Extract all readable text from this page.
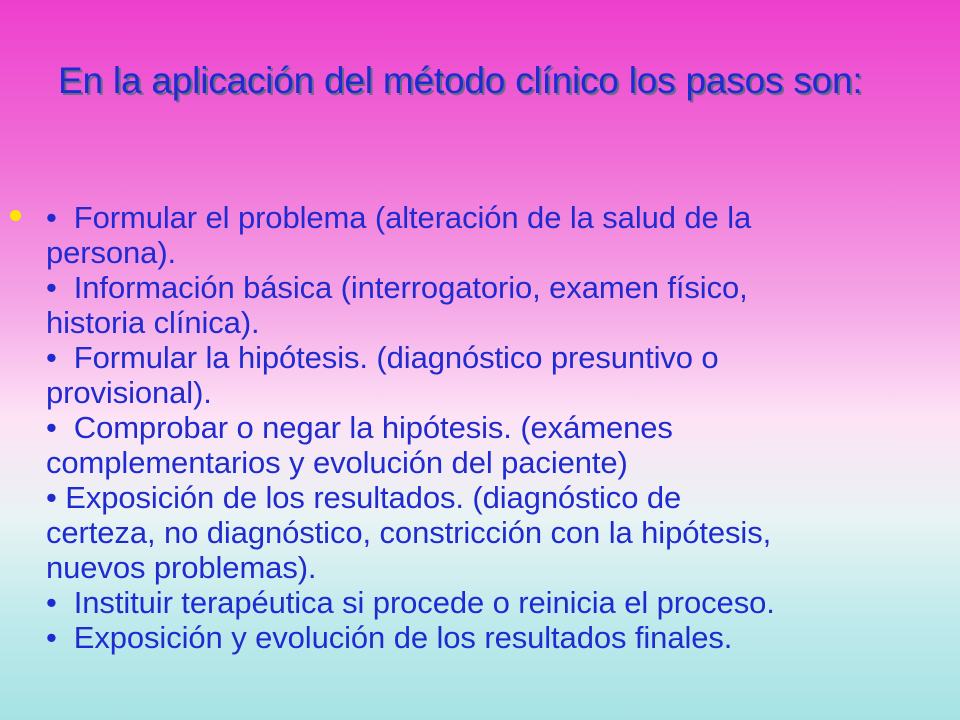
En la aplicación del método clínico los pasos son:
•  Formular el problema (alteración de la salud de la
persona).
•  Información básica (interrogatorio, examen físico,
historia clínica).
•  Formular la hipótesis. (diagnóstico presuntivo o
provisional).
•  Comprobar o negar la hipótesis. (exámenes
complementarios y evolución del paciente)
• Exposición de los resultados. (diagnóstico de
certeza, no diagnóstico, constricción con la hipótesis,
nuevos problemas).
•  Instituir terapéutica si procede o reinicia el proceso.
•  Exposición y evolución de los resultados finales.
